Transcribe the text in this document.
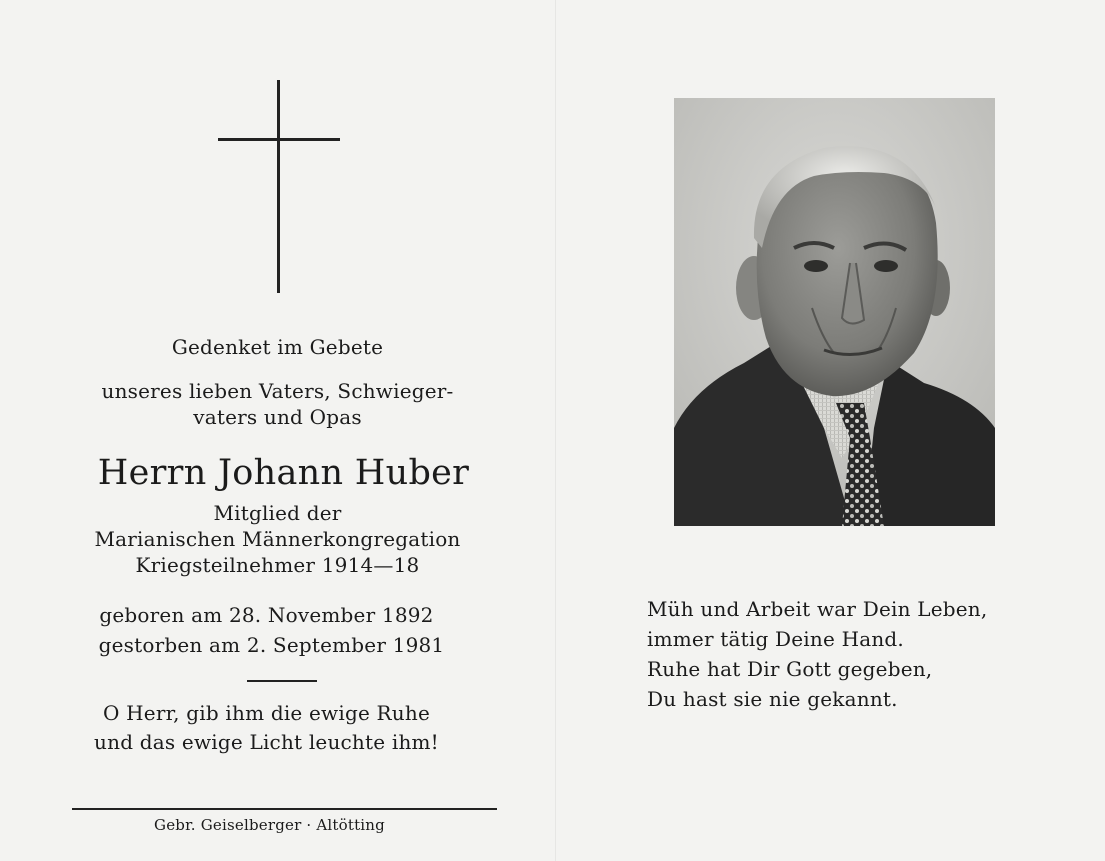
Gedenket im Gebete
unseres lieben Vaters, Schwieger-
vaters und Opas
Herrn Johann Huber
Mitglied der
Marianischen Männerkongregation
Kriegsteilnehmer 1914—18
geboren am 28. November 1892
gestorben am 2. September 1981
O Herr, gib ihm die ewige Ruhe
und das ewige Licht leuchte ihm!
Gebr. Geiselberger · Altötting
Müh und Arbeit war Dein Leben,
immer tätig Deine Hand.
Ruhe hat Dir Gott gegeben,
Du hast sie nie gekannt.
